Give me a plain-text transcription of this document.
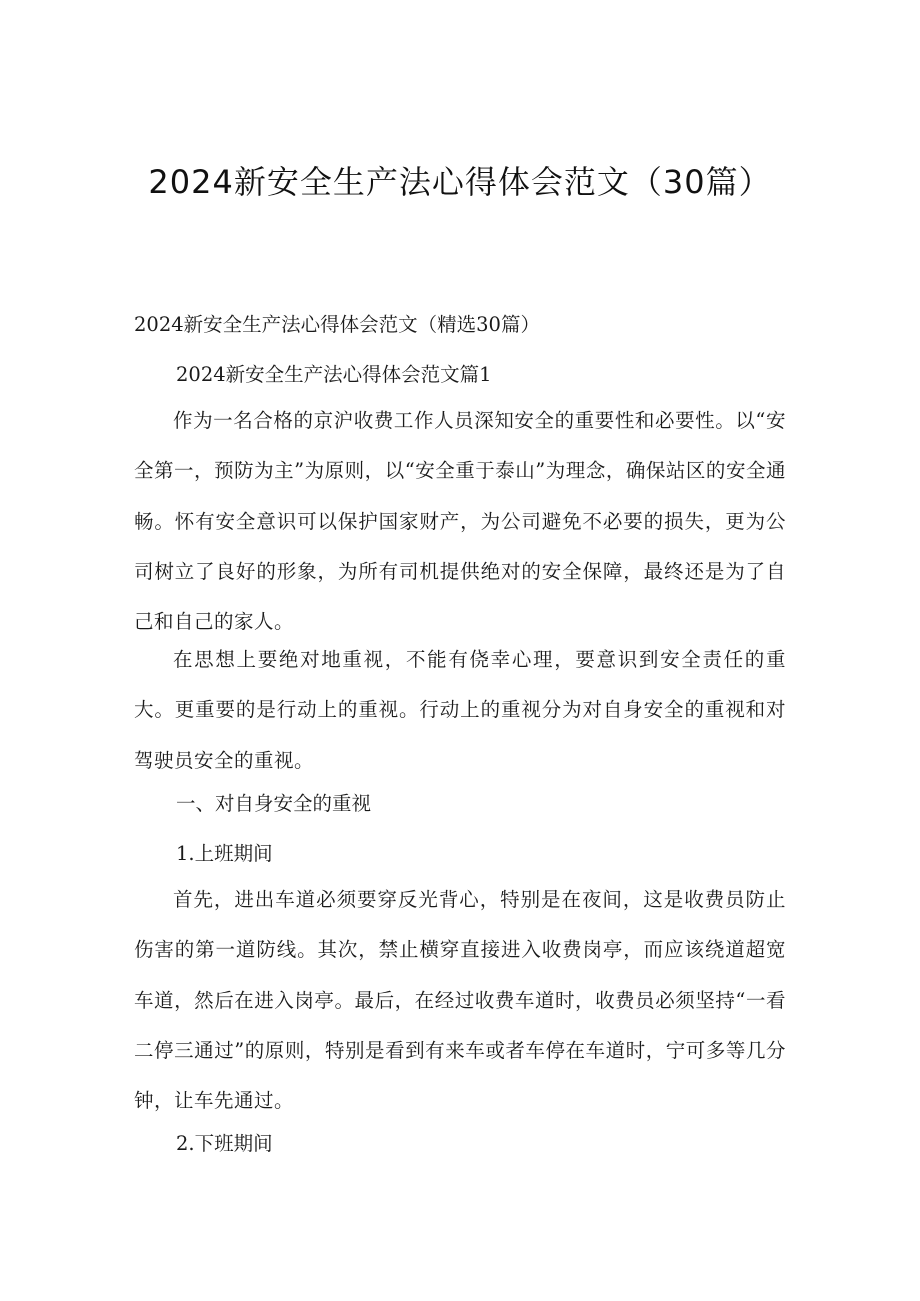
2024新安全生产法心得体会范文（30篇）

2024新安全生产法心得体会范文（精选30篇）

2024新安全生产法心得体会范文篇1

作为一名合格的京沪收费工作人员深知安全的重要性和必要性。以“安全第一，预防为主”为原则，以“安全重于泰山”为理念，确保站区的安全通畅。怀有安全意识可以保护国家财产，为公司避免不必要的损失，更为公司树立了良好的形象，为所有司机提供绝对的安全保障，最终还是为了自己和自己的家人。

在思想上要绝对地重视，不能有侥幸心理，要意识到安全责任的重大。更重要的是行动上的重视。行动上的重视分为对自身安全的重视和对驾驶员安全的重视。

一、对自身安全的重视

1.上班期间

首先，进出车道必须要穿反光背心，特别是在夜间，这是收费员防止伤害的第一道防线。其次，禁止横穿直接进入收费岗亭，而应该绕道超宽车道，然后在进入岗亭。最后，在经过收费车道时，收费员必须坚持“一看二停三通过”的原则，特别是看到有来车或者车停在车道时，宁可多等几分钟，让车先通过。

2.下班期间
